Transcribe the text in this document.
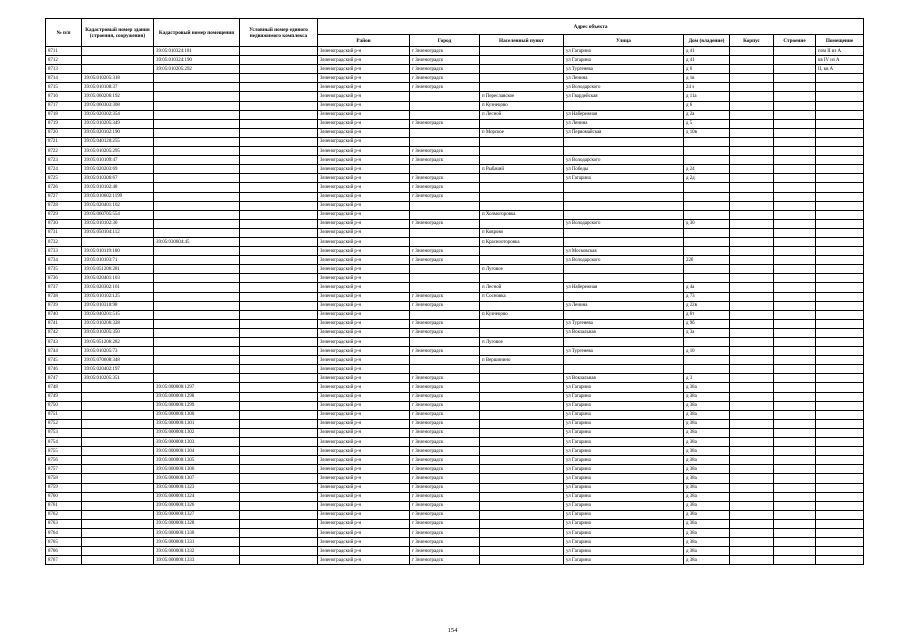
№ п/п	Кадастровый номер здания (строения, сооружения)	Кадастровый номер помещения	Условный номер единого недвижимого комплекса	Адрес объекта							
				Район	Город	Населенный пункт	Улица	Дом (владение)	Корпус	Строение	Помещение
8711		39:05:010324:181		Зеленоградский р-н	г Зеленоградск		ул Гагарина	д 41			пом II из А
8712		39:05:010324:190		Зеленоградский р-н	г Зеленоградск		ул Гагарина	д 41			кв IV из А
8713		39:05:010205:292		Зеленоградский р-н	г Зеленоградск		ул Тургенева	д 6			II, кв А
8714	39:05:010205:318			Зеленоградский р-н	г Зеленоградск		ул Ленина	д 1в			
8715	39:05:010108:37			Зеленоградский р-н	г Зеленоградск		ул Володарского	24 з			
8716	39:05:060206:192			Зеленоградский р-н		п Переславское	ул Гвардейская	д 11а			
8717	39:05:060303:308			Зеленоградский р-н		п Кузнецово		д 6			
8718	39:05:020302:354			Зеленоградский р-н		п Лесной	ул Набережная	д 2а			
8719	39:05:010205:349			Зеленоградский р-н	г Зеленоградск		ул Ленина	д 5			
8720	39:05:020102:190			Зеленоградский р-н		п Морское	ул Первомайская	д 10в			
8721	39:05:040120:255			Зеленоградский р-н							
8722	39:05:010205:295			Зеленоградский р-н	г Зеленоградск						
8723	39:05:010109:47			Зеленоградский р-н	г Зеленоградск		ул Володарского				
8724	39:05:020203:69			Зеленоградский р-н		п Рыбачий	ул Победы	д 24			
8725	39:05:010306:67			Зеленоградский р-н	г Зеленоградск		ул Гагарина	д 2д			
8726	39:05:010102:48			Зеленоградский р-н	г Зеленоградск						
8727	39:05:010602:1199			Зеленоградский р-н	г Зеленоградск						
8728	39:05:020401:102			Зеленоградский р-н							
8729	39:05:060705:554			Зеленоградский р-н		п Холмогоровка					
8730	39:05:010102:30			Зеленоградский р-н	г Зеленоградск		ул Володарского	д 30			
8731	39:05:050104:112			Зеленоградский р-н		п Коврово					
8732		39:05:030604:45		Зеленоградский р-н		п Краснооторовка					
8733	39:05:010119:160			Зеленоградский р-н	г Зеленоградск		ул Московская				
8734	39:05:010103:71			Зеленоградский р-н	г Зеленоградск		ул Володарского	22б			
8735	39:05:051206:281			Зеленоградский р-н		п Луговое					
8736	39:05:020401:103			Зеленоградский р-н							
8737	39:05:020302:161			Зеленоградский р-н		п Лесной	ул Набережная	д 4а			
8738	39:05:010102:125			Зеленоградский р-н	г Зеленоградск	п Сосновка		д 73			
8739	39:05:010310:98			Зеленоградский р-н	г Зеленоградск		ул Ленина	д 22в			
8740	39:05:040201:515			Зеленоградский р-н		п Кузнецово		д 6т			
8741	39:05:010206:328			Зеленоградский р-н	г Зеленоградск		ул Тургенева	д 9б			
8742	39:05:010205:350			Зеленоградский р-н	г Зеленоградск		ул Вокзальная	д 3а			
8743	39:05:051206:282			Зеленоградский р-н		п Луговое					
8744	39:05:010205:73			Зеленоградский р-н	г Зеленоградск		ул Тургенева	д 10			
8745	39:05:070608:348			Зеленоградский р-н		п Вершинино					
8746	39:05:020402:197			Зеленоградский р-н							
8747	39:05:010205:351			Зеленоградский р-н	г Зеленоградск		ул Вокзальная	д 3			
8748		39:05:000000:1297		Зеленоградский р-н	г Зеленоградск		ул Гагарина	д 38а			
8749		39:05:000000:1298		Зеленоградский р-н	г Зеленоградск		ул Гагарина	д 38а			
8750		39:05:000000:1299		Зеленоградский р-н	г Зеленоградск		ул Гагарина	д 38а			
8751		39:05:000000:1300		Зеленоградский р-н	г Зеленоградск		ул Гагарина	д 38а			
8752		39:05:000000:1301		Зеленоградский р-н	г Зеленоградск		ул Гагарина	д 38а			
8753		39:05:000000:1302		Зеленоградский р-н	г Зеленоградск		ул Гагарина	д 38а			
8754		39:05:000000:1303		Зеленоградский р-н	г Зеленоградск		ул Гагарина	д 38а			
8755		39:05:000000:1304		Зеленоградский р-н	г Зеленоградск		ул Гагарина	д 38а			
8756		39:05:000000:1305		Зеленоградский р-н	г Зеленоградск		ул Гагарина	д 38а			
8757		39:05:000000:1306		Зеленоградский р-н	г Зеленоградск		ул Гагарина	д 38а			
8758		39:05:000000:1307		Зеленоградский р-н	г Зеленоградск		ул Гагарина	д 38а			
8759		39:05:000000:1323		Зеленоградский р-н	г Зеленоградск		ул Гагарина	д 38а			
8760		39:05:000000:1324		Зеленоградский р-н	г Зеленоградск		ул Гагарина	д 38а			
8761		39:05:000000:1326		Зеленоградский р-н	г Зеленоградск		ул Гагарина	д 38а			
8762		39:05:000000:1327		Зеленоградский р-н	г Зеленоградск		ул Гагарина	д 38а			
8763		39:05:000000:1328		Зеленоградский р-н	г Зеленоградск		ул Гагарина	д 38а			
8764		39:05:000000:1330		Зеленоградский р-н	г Зеленоградск		ул Гагарина	д 38а			
8765		39:05:000000:1331		Зеленоградский р-н	г Зеленоградск		ул Гагарина	д 38а			
8766		39:05:000000:1332		Зеленоградский р-н	г Зеленоградск		ул Гагарина	д 38а			
8767		39:05:000000:1333		Зеленоградский р-н	г Зеленоградск		ул Гагарина	д 38а			
154
